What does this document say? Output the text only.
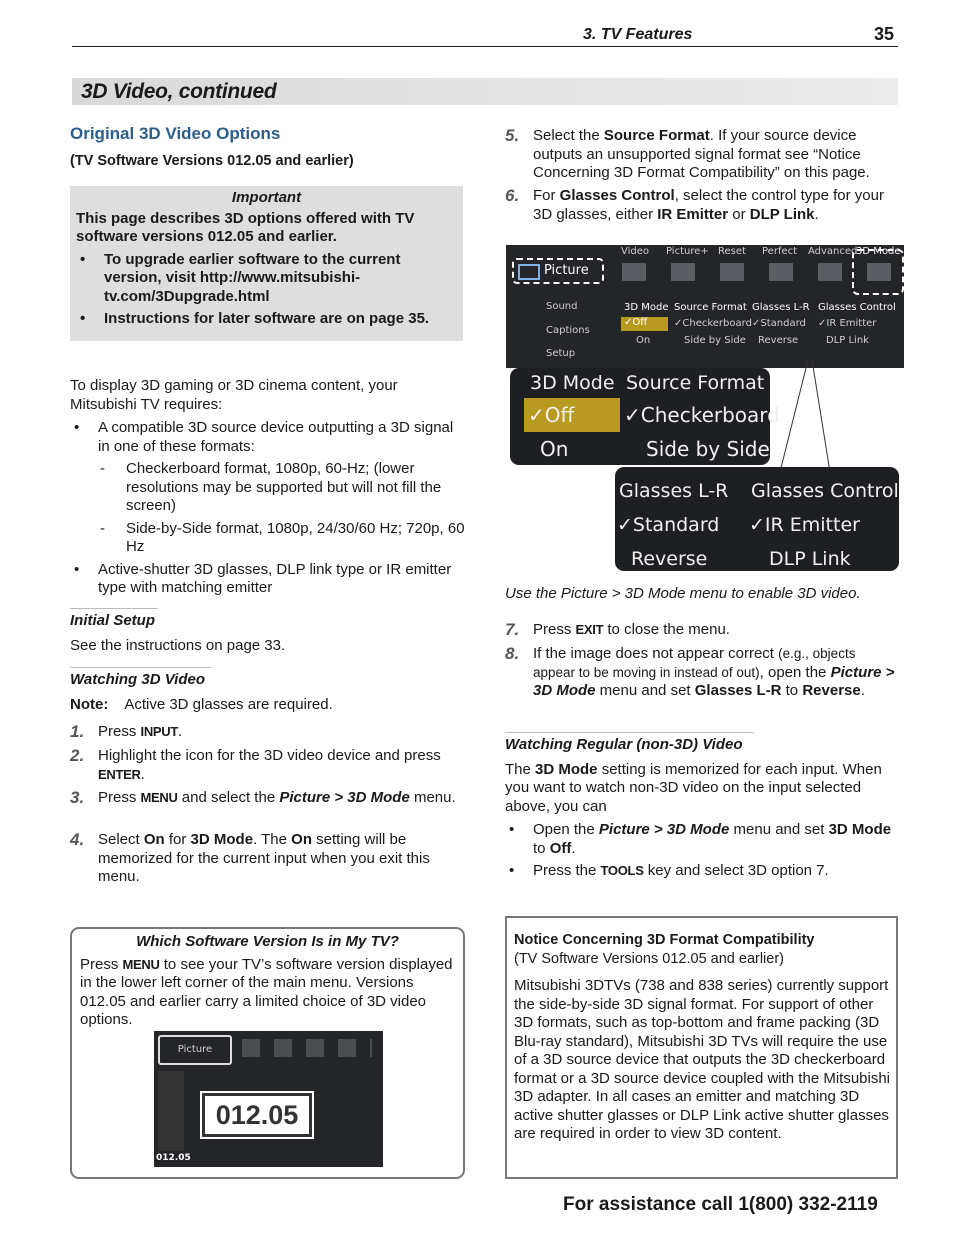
3. TV Features	35
3D Video, continued
Original 3D Video Options
(TV Software Versions 012.05 and earlier)
Important
This page describes 3D options offered with TV software versions 012.05 and earlier.
• To upgrade earlier software to the current version, visit http://www.mitsubishi-tv.com/3Dupgrade.html
• Instructions for later software are on page 35.
To display 3D gaming or 3D cinema content, your Mitsubishi TV requires:
• A compatible 3D source device outputting a 3D signal in one of these formats:
- Checkerboard format, 1080p, 60-Hz; (lower resolutions may be supported but will not fill the screen)
- Side-by-Side format, 1080p, 24/30/60 Hz; 720p, 60 Hz
• Active-shutter 3D glasses, DLP link type or IR emitter type with matching emitter
Initial Setup
See the instructions on page 33.
Watching 3D Video
Note: Active 3D glasses are required.
1. Press INPUT.
2. Highlight the icon for the 3D video device and press ENTER.
3. Press MENU and select the Picture > 3D Mode menu.
4. Select On for 3D Mode. The On setting will be memorized for the current input when you exit this menu.
Which Software Version Is in My TV?
Press MENU to see your TV’s software version displayed in the lower left corner of the main menu. Versions 012.05 and earlier carry a limited choice of 3D video options.
Picture
012.05
012.05
5. Select the Source Format. If your source device outputs an unsupported signal format see “Notice Concerning 3D Format Compatibility” on this page.
6. For Glasses Control, select the control type for your 3D glasses, either IR Emitter or DLP Link.
Picture
Video Picture+ Reset Perfect Advanced
3D Mode
Sound
Captions
Setup
3D Mode Source Format Glasses L-R Glasses Control
✓Off	✓Checkerboard ✓Standard ✓IR Emitter
On	Side by Side Reverse	DLP Link
3D Mode Source Format
✓Off	✓Checkerboard
On	Side by Side
Glasses L-R Glasses Control
✓Standard ✓IR Emitter
Reverse	DLP Link
Use the Picture > 3D Mode menu to enable 3D video.
7. Press EXIT to close the menu.
8. If the image does not appear correct (e.g., objects appear to be moving in instead of out), open the Picture > 3D Mode menu and set Glasses L-R to Reverse.
Watching Regular (non-3D) Video
The 3D Mode setting is memorized for each input. When you want to watch non-3D video on the input selected above, you can
• Open the Picture > 3D Mode menu and set 3D Mode to Off.
• Press the TOOLS key and select 3D option 7.
Notice Concerning 3D Format Compatibility
(TV Software Versions 012.05 and earlier)
Mitsubishi 3DTVs (738 and 838 series) currently support the side-by-side 3D signal format. For support of other 3D formats, such as top-bottom and frame packing (3D Blu-ray standard), Mitsubishi 3D TVs will require the use of a 3D source device that outputs the 3D checkerboard format or a 3D source device coupled with the Mitsubishi 3D adapter. In all cases an emitter and matching 3D active shutter glasses or DLP Link active shutter glasses are required in order to view 3D content.
For assistance call 1(800) 332-2119
